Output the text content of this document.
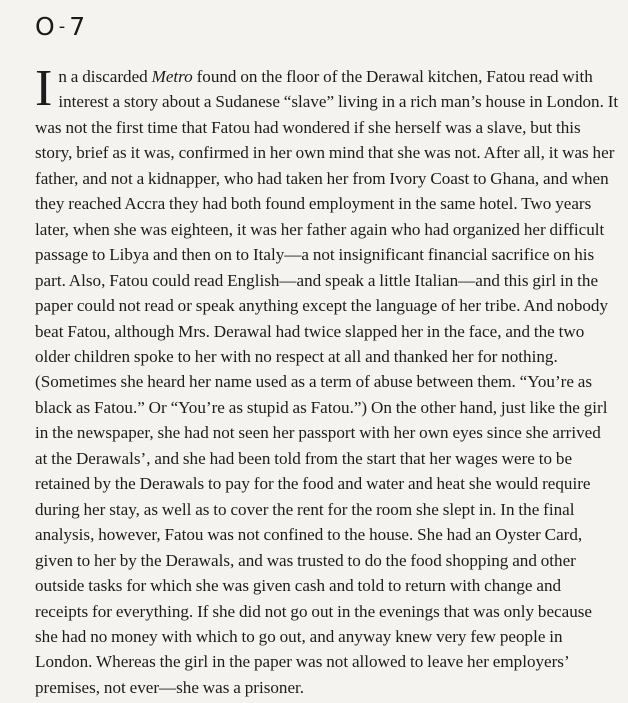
O - 7

I n a discarded Metro found on the floor of the Derawal kitchen, Fatou read with
interest a story about a Sudanese “slave” living in a rich man’s house in London. It
was not the first time that Fatou had wondered if she herself was a slave, but this
story, brief as it was, confirmed in her own mind that she was not. After all, it was her
father, and not a kidnapper, who had taken her from Ivory Coast to Ghana, and when
they reached Accra they had both found employment in the same hotel. Two years
later, when she was eighteen, it was her father again who had organized her difficult
passage to Libya and then on to Italy—a not insignificant financial sacrifice on his
part. Also, Fatou could read English—and speak a little Italian—and this girl in the
paper could not read or speak anything except the language of her tribe. And nobody
beat Fatou, although Mrs. Derawal had twice slapped her in the face, and the two
older children spoke to her with no respect at all and thanked her for nothing.
(Sometimes she heard her name used as a term of abuse between them. “You’re as
black as Fatou.” Or “You’re as stupid as Fatou.”) On the other hand, just like the girl
in the newspaper, she had not seen her passport with her own eyes since she arrived
at the Derawals’, and she had been told from the start that her wages were to be
retained by the Derawals to pay for the food and water and heat she would require
during her stay, as well as to cover the rent for the room she slept in. In the final
analysis, however, Fatou was not confined to the house. She had an Oyster Card,
given to her by the Derawals, and was trusted to do the food shopping and other
outside tasks for which she was given cash and told to return with change and
receipts for everything. If she did not go out in the evenings that was only because
she had no money with which to go out, and anyway knew very few people in
London. Whereas the girl in the paper was not allowed to leave her employers’
premises, not ever—she was a prisoner.
